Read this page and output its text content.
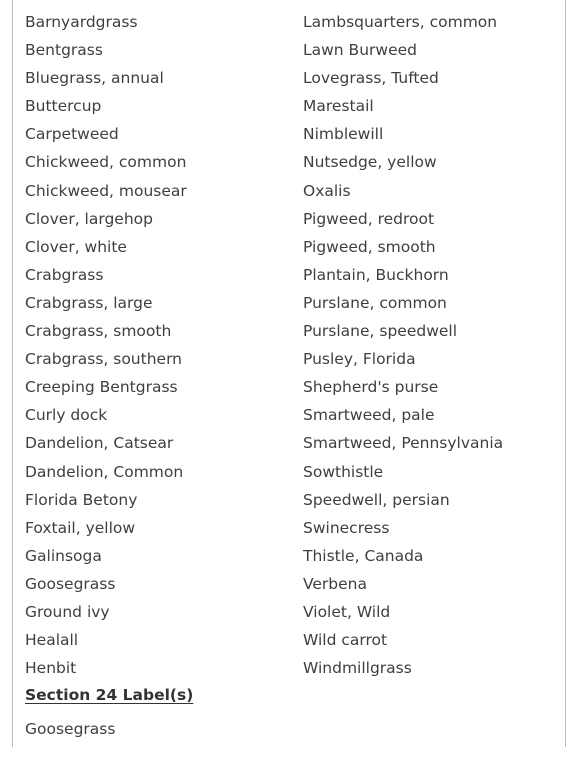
Barnyardgrass
Bentgrass
Bluegrass, annual
Buttercup
Carpetweed
Chickweed, common
Chickweed, mousear
Clover, largehop
Clover, white
Crabgrass
Crabgrass, large
Crabgrass, smooth
Crabgrass, southern
Creeping Bentgrass
Curly dock
Dandelion, Catsear
Dandelion, Common
Florida Betony
Foxtail, yellow
Galinsoga
Goosegrass
Ground ivy
Healall
Henbit
Lambsquarters, common
Lawn Burweed
Lovegrass, Tufted
Marestail
Nimblewill
Nutsedge, yellow
Oxalis
Pigweed, redroot
Pigweed, smooth
Plantain, Buckhorn
Purslane, common
Purslane, speedwell
Pusley, Florida
Shepherd's purse
Smartweed, pale
Smartweed, Pennsylvania
Sowthistle
Speedwell, persian
Swinecress
Thistle, Canada
Verbena
Violet, Wild
Wild carrot
Windmillgrass
Section 24 Label(s)
Goosegrass
